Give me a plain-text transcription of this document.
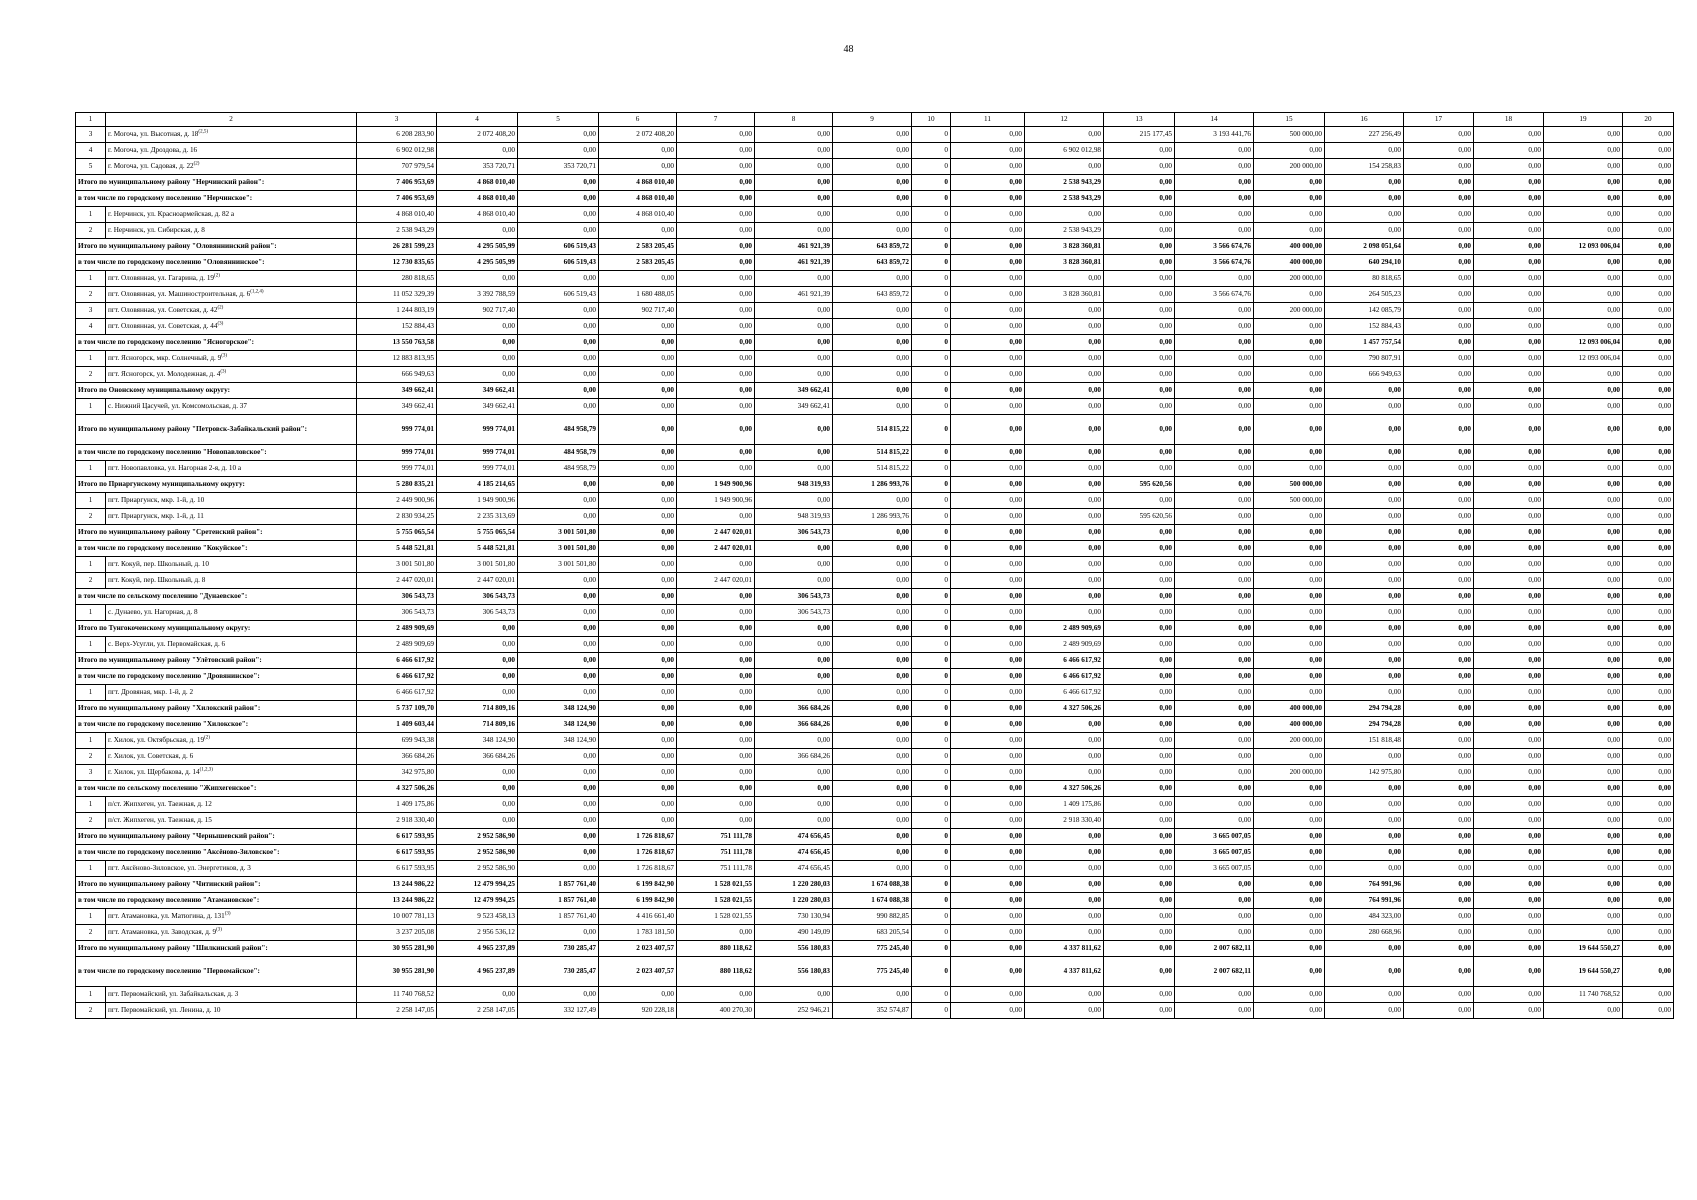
48
1	2	3	4	5	6	7	8	9	10	11	12	13	14	15	16	17	18	19	20
3	г. Могоча, ул. Высотная, д. 18$^{(2,5)}$	6 208 283,90	2 072 408,20	0,00	2 072 408,20	0,00	0,00	0,00	0	0,00	0,00	215 177,45	3 193 441,76	500 000,00	227 256,49	0,00	0,00	0,00	0,00
4	г. Могоча, ул. Дроздова, д. 16	6 902 012,98	0,00	0,00	0,00	0,00	0,00	0,00	0	0,00	6 902 012,98	0,00	0,00	0,00	0,00	0,00	0,00	0,00	0,00
5	г. Могоча, ул. Садовая, д. 22$^{(2)}$	707 979,54	353 720,71	353 720,71	0,00	0,00	0,00	0,00	0	0,00	0,00	0,00	0,00	200 000,00	154 258,83	0,00	0,00	0,00	0,00
Итого по муниципальному району "Нерчинский район":		7 406 953,69	4 868 010,40	0,00	4 868 010,40	0,00	0,00	0,00	0	0,00	2 538 943,29	0,00	0,00	0,00	0,00	0,00	0,00	0,00	0,00
в том числе по городскому поселению "Нерчинское":		7 406 953,69	4 868 010,40	0,00	4 868 010,40	0,00	0,00	0,00	0	0,00	2 538 943,29	0,00	0,00	0,00	0,00	0,00	0,00	0,00	0,00
1	г. Нерчинск, ул. Красноармейская, д. 82 а	4 868 010,40	4 868 010,40	0,00	4 868 010,40	0,00	0,00	0,00	0	0,00	0,00	0,00	0,00	0,00	0,00	0,00	0,00	0,00	0,00
2	г. Нерчинск, ул. Сибирская, д. 8	2 538 943,29	0,00	0,00	0,00	0,00	0,00	0,00	0	0,00	2 538 943,29	0,00	0,00	0,00	0,00	0,00	0,00	0,00	0,00
Итого по муниципальному району "Оловяннинский район":		26 281 599,23	4 295 505,99	606 519,43	2 583 205,45	0,00	461 921,39	643 859,72	0	0,00	3 828 360,81	0,00	3 566 674,76	400 000,00	2 098 051,64	0,00	0,00	12 093 006,04	0,00
в том числе по городскому поселению "Оловяннинское":		12 730 835,65	4 295 505,99	606 519,43	2 583 205,45	0,00	461 921,39	643 859,72	0	0,00	3 828 360,81	0,00	3 566 674,76	400 000,00	640 294,10	0,00	0,00	0,00	0,00
1	пгт. Оловянная, ул. Гагарина, д. 19$^{(2)}$	280 818,65	0,00	0,00	0,00	0,00	0,00	0,00	0	0,00	0,00	0,00	0,00	200 000,00	80 818,65	0,00	0,00	0,00	0,00
2	пгт. Оловянная, ул. Машиностроительная, д. 6$^{(1,2,4)}$	11 052 329,39	3 392 788,59	606 519,43	1 680 488,05	0,00	461 921,39	643 859,72	0	0,00	3 828 360,81	0,00	3 566 674,76	0,00	264 505,23	0,00	0,00	0,00	0,00
3	пгт. Оловянная, ул. Советская, д. 42$^{(2)}$	1 244 803,19	902 717,40	0,00	902 717,40	0,00	0,00	0,00	0	0,00	0,00	0,00	0,00	200 000,00	142 085,79	0,00	0,00	0,00	0,00
4	пгт. Оловянная, ул. Советская, д. 44$^{(3)}$	152 884,43	0,00	0,00	0,00	0,00	0,00	0,00	0	0,00	0,00	0,00	0,00	0,00	152 884,43	0,00	0,00	0,00	0,00
в том числе по городскому поселению "Ясногорское":		13 550 763,58	0,00	0,00	0,00	0,00	0,00	0,00	0	0,00	0,00	0,00	0,00	0,00	1 457 757,54	0,00	0,00	12 093 006,04	0,00
1	пгт. Ясногорск, мкр. Солнечный, д. 9$^{(3)}$	12 883 813,95	0,00	0,00	0,00	0,00	0,00	0,00	0	0,00	0,00	0,00	0,00	0,00	790 807,91	0,00	0,00	12 093 006,04	0,00
2	пгт. Ясногорск, ул. Молодежная, д. 4$^{(3)}$	666 949,63	0,00	0,00	0,00	0,00	0,00	0,00	0	0,00	0,00	0,00	0,00	0,00	666 949,63	0,00	0,00	0,00	0,00
Итого по Ононскому муниципальному округу:		349 662,41	349 662,41	0,00	0,00	0,00	349 662,41	0,00	0	0,00	0,00	0,00	0,00	0,00	0,00	0,00	0,00	0,00	0,00
1	с. Нижний Цасучей, ул. Комсомольская, д. 37	349 662,41	349 662,41	0,00	0,00	0,00	349 662,41	0,00	0	0,00	0,00	0,00	0,00	0,00	0,00	0,00	0,00	0,00	0,00
Итого по муниципальному району "Петровск-Забайкальский район":		999 774,01	999 774,01	484 958,79	0,00	0,00	0,00	514 815,22	0	0,00	0,00	0,00	0,00	0,00	0,00	0,00	0,00	0,00	0,00
в том числе по городскому поселению "Новопавловское":		999 774,01	999 774,01	484 958,79	0,00	0,00	0,00	514 815,22	0	0,00	0,00	0,00	0,00	0,00	0,00	0,00	0,00	0,00	0,00
1	пгт. Новопавловка, ул. Нагорная 2-я, д. 10 а	999 774,01	999 774,01	484 958,79	0,00	0,00	0,00	514 815,22	0	0,00	0,00	0,00	0,00	0,00	0,00	0,00	0,00	0,00	0,00
Итого по Приаргунскому муниципальному округу:		5 280 835,21	4 185 214,65	0,00	0,00	1 949 900,96	948 319,93	1 286 993,76	0	0,00	0,00	595 620,56	0,00	500 000,00	0,00	0,00	0,00	0,00	0,00
1	пгт. Приаргунск, мкр. 1-й, д. 10	2 449 900,96	1 949 900,96	0,00	0,00	1 949 900,96	0,00	0,00	0	0,00	0,00	0,00	0,00	500 000,00	0,00	0,00	0,00	0,00	0,00
2	пгт. Приаргунск, мкр. 1-й, д. 11	2 830 934,25	2 235 313,69	0,00	0,00	0,00	948 319,93	1 286 993,76	0	0,00	0,00	595 620,56	0,00	0,00	0,00	0,00	0,00	0,00	0,00
Итого по муниципальному району "Сретенский район":		5 755 065,54	5 755 065,54	3 001 501,80	0,00	2 447 020,01	306 543,73	0,00	0	0,00	0,00	0,00	0,00	0,00	0,00	0,00	0,00	0,00	0,00
в том числе по городскому поселению "Кокуйское":		5 448 521,81	5 448 521,81	3 001 501,80	0,00	2 447 020,01	0,00	0,00	0	0,00	0,00	0,00	0,00	0,00	0,00	0,00	0,00	0,00	0,00
1	пгт. Кокуй, пер. Школьный, д. 10	3 001 501,80	3 001 501,80	3 001 501,80	0,00	0,00	0,00	0,00	0	0,00	0,00	0,00	0,00	0,00	0,00	0,00	0,00	0,00	0,00
2	пгт. Кокуй, пер. Школьный, д. 8	2 447 020,01	2 447 020,01	0,00	0,00	2 447 020,01	0,00	0,00	0	0,00	0,00	0,00	0,00	0,00	0,00	0,00	0,00	0,00	0,00
в том числе по сельскому поселению "Дунаевское":		306 543,73	306 543,73	0,00	0,00	0,00	306 543,73	0,00	0	0,00	0,00	0,00	0,00	0,00	0,00	0,00	0,00	0,00	0,00
1	с. Дунаево, ул. Нагорная, д. 8	306 543,73	306 543,73	0,00	0,00	0,00	306 543,73	0,00	0	0,00	0,00	0,00	0,00	0,00	0,00	0,00	0,00	0,00	0,00
Итого по Тунгокоченскому муниципальному округу:		2 489 909,69	0,00	0,00	0,00	0,00	0,00	0,00	0	0,00	2 489 909,69	0,00	0,00	0,00	0,00	0,00	0,00	0,00	0,00
1	с. Верх-Усугли, ул. Первомайская, д. 6	2 489 909,69	0,00	0,00	0,00	0,00	0,00	0,00	0	0,00	2 489 909,69	0,00	0,00	0,00	0,00	0,00	0,00	0,00	0,00
Итого по муниципальному району "Улётовский район":		6 466 617,92	0,00	0,00	0,00	0,00	0,00	0,00	0	0,00	6 466 617,92	0,00	0,00	0,00	0,00	0,00	0,00	0,00	0,00
в том числе по городскому поселению "Дровянинское":		6 466 617,92	0,00	0,00	0,00	0,00	0,00	0,00	0	0,00	6 466 617,92	0,00	0,00	0,00	0,00	0,00	0,00	0,00	0,00
1	пгт. Дровяная, мкр. 1-й, д. 2	6 466 617,92	0,00	0,00	0,00	0,00	0,00	0,00	0	0,00	6 466 617,92	0,00	0,00	0,00	0,00	0,00	0,00	0,00	0,00
Итого по муниципальному району "Хилокский район":		5 737 109,70	714 809,16	348 124,90	0,00	0,00	366 684,26	0,00	0	0,00	4 327 506,26	0,00	0,00	400 000,00	294 794,28	0,00	0,00	0,00	0,00
в том числе по городскому поселению "Хилокское":		1 409 603,44	714 809,16	348 124,90	0,00	0,00	366 684,26	0,00	0	0,00	0,00	0,00	0,00	400 000,00	294 794,28	0,00	0,00	0,00	0,00
1	г. Хилок, ул. Октябрьская, д. 19$^{(2)}$	699 943,38	348 124,90	348 124,90	0,00	0,00	0,00	0,00	0	0,00	0,00	0,00	0,00	200 000,00	151 818,48	0,00	0,00	0,00	0,00
2	г. Хилок, ул. Советская, д. 6	366 684,26	366 684,26	0,00	0,00	0,00	366 684,26	0,00	0	0,00	0,00	0,00	0,00	0,00	0,00	0,00	0,00	0,00	0,00
3	г. Хилок, ул. Щербакова, д. 14$^{(1,2,3)}$	342 975,80	0,00	0,00	0,00	0,00	0,00	0,00	0	0,00	0,00	0,00	0,00	200 000,00	142 975,80	0,00	0,00	0,00	0,00
в том числе по сельскому поселению "Жипхегенское":		4 327 506,26	0,00	0,00	0,00	0,00	0,00	0,00	0	0,00	4 327 506,26	0,00	0,00	0,00	0,00	0,00	0,00	0,00	0,00
1	п/ст. Жипхеген, ул. Таежная, д. 12	1 409 175,86	0,00	0,00	0,00	0,00	0,00	0,00	0	0,00	1 409 175,86	0,00	0,00	0,00	0,00	0,00	0,00	0,00	0,00
2	п/ст. Жипхеген, ул. Таежная, д. 15	2 918 330,40	0,00	0,00	0,00	0,00	0,00	0,00	0	0,00	2 918 330,40	0,00	0,00	0,00	0,00	0,00	0,00	0,00	0,00
Итого по муниципальному району "Чернышевский район":		6 617 593,95	2 952 586,90	0,00	1 726 818,67	751 111,78	474 656,45	0,00	0	0,00	0,00	0,00	3 665 007,05	0,00	0,00	0,00	0,00	0,00	0,00
в том числе по городскому поселению "Аксёново-Зиловское":		6 617 593,95	2 952 586,90	0,00	1 726 818,67	751 111,78	474 656,45	0,00	0	0,00	0,00	0,00	3 665 007,05	0,00	0,00	0,00	0,00	0,00	0,00
1	пгт. Аксёново-Зиловское, ул. Энергетиков, д. 3	6 617 593,95	2 952 586,90	0,00	1 726 818,67	751 111,78	474 656,45	0,00	0	0,00	0,00	0,00	3 665 007,05	0,00	0,00	0,00	0,00	0,00	0,00
Итого по муниципальному району "Читинский район":		13 244 986,22	12 479 994,25	1 857 761,40	6 199 842,90	1 528 021,55	1 220 280,03	1 674 088,38	0	0,00	0,00	0,00	0,00	0,00	764 991,96	0,00	0,00	0,00	0,00
в том числе по городскому поселению "Атамановское":		13 244 986,22	12 479 994,25	1 857 761,40	6 199 842,90	1 528 021,55	1 220 280,03	1 674 088,38	0	0,00	0,00	0,00	0,00	0,00	764 991,96	0,00	0,00	0,00	0,00
1	пгт. Атамановка, ул. Матюгина, д. 131$^{(3)}$	10 007 781,13	9 523 458,13	1 857 761,40	4 416 661,40	1 528 021,55	730 130,94	990 882,85	0	0,00	0,00	0,00	0,00	0,00	484 323,00	0,00	0,00	0,00	0,00
2	пгт. Атамановка, ул. Заводская, д. 9$^{(3)}$	3 237 205,08	2 956 536,12	0,00	1 783 181,50	0,00	490 149,09	683 205,54	0	0,00	0,00	0,00	0,00	0,00	280 668,96	0,00	0,00	0,00	0,00
Итого по муниципальному району "Шилкинский район":		30 955 281,90	4 965 237,89	730 285,47	2 023 407,57	880 118,62	556 180,83	775 245,40	0	0,00	4 337 811,62	0,00	2 007 682,11	0,00	0,00	0,00	0,00	19 644 550,27	0,00
в том числе по городскому поселению "Первомайское":		30 955 281,90	4 965 237,89	730 285,47	2 023 407,57	880 118,62	556 180,83	775 245,40	0	0,00	4 337 811,62	0,00	2 007 682,11	0,00	0,00	0,00	0,00	19 644 550,27	0,00
1	пгт. Первомайский, ул. Забайкальская, д. 3	11 740 768,52	0,00	0,00	0,00	0,00	0,00	0,00	0	0,00	0,00	0,00	0,00	0,00	0,00	0,00	0,00	11 740 768,52	0,00
2	пгт. Первомайский, ул. Ленина, д. 10	2 258 147,05	2 258 147,05	332 127,49	920 228,18	400 270,30	252 946,21	352 574,87	0	0,00	0,00	0,00	0,00	0,00	0,00	0,00	0,00	0,00	0,00
